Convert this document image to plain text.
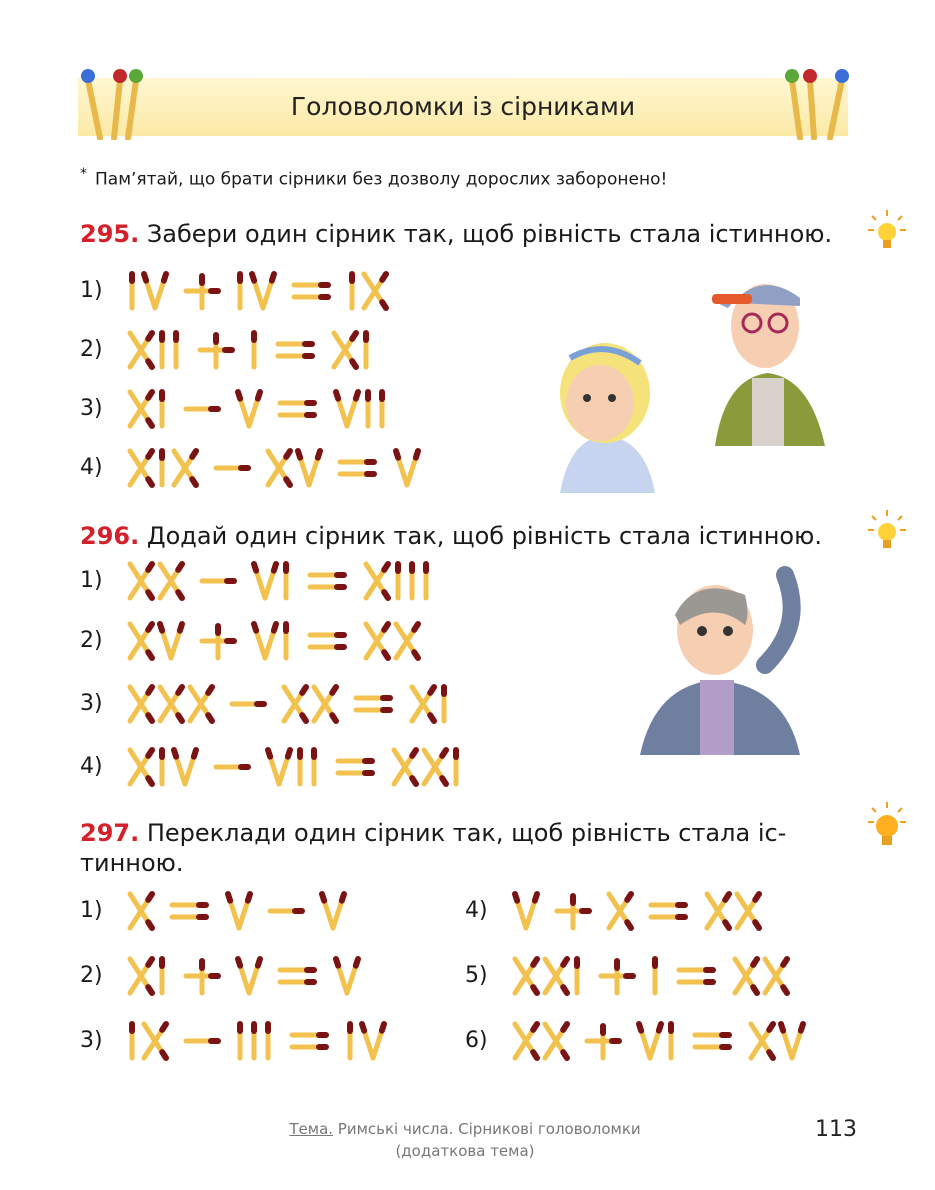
Головоломки із сірниками
* Пам’ятай, що брати сірники без дозволу дорослих заборонено!
295. Забери один сірник так, щоб рівність стала істинною.
296. Додай один сірник так, щоб рівність стала істинною.
297. Переклади один сірник так, щоб рівність стала іс-
тинною.
Тема. Римські числа. Сірникові головоломки
(додаткова тема)
113
1)
2)
3)
4)
1)
2)
3)
4)
1)
2)
3)
4)
5)
6)
